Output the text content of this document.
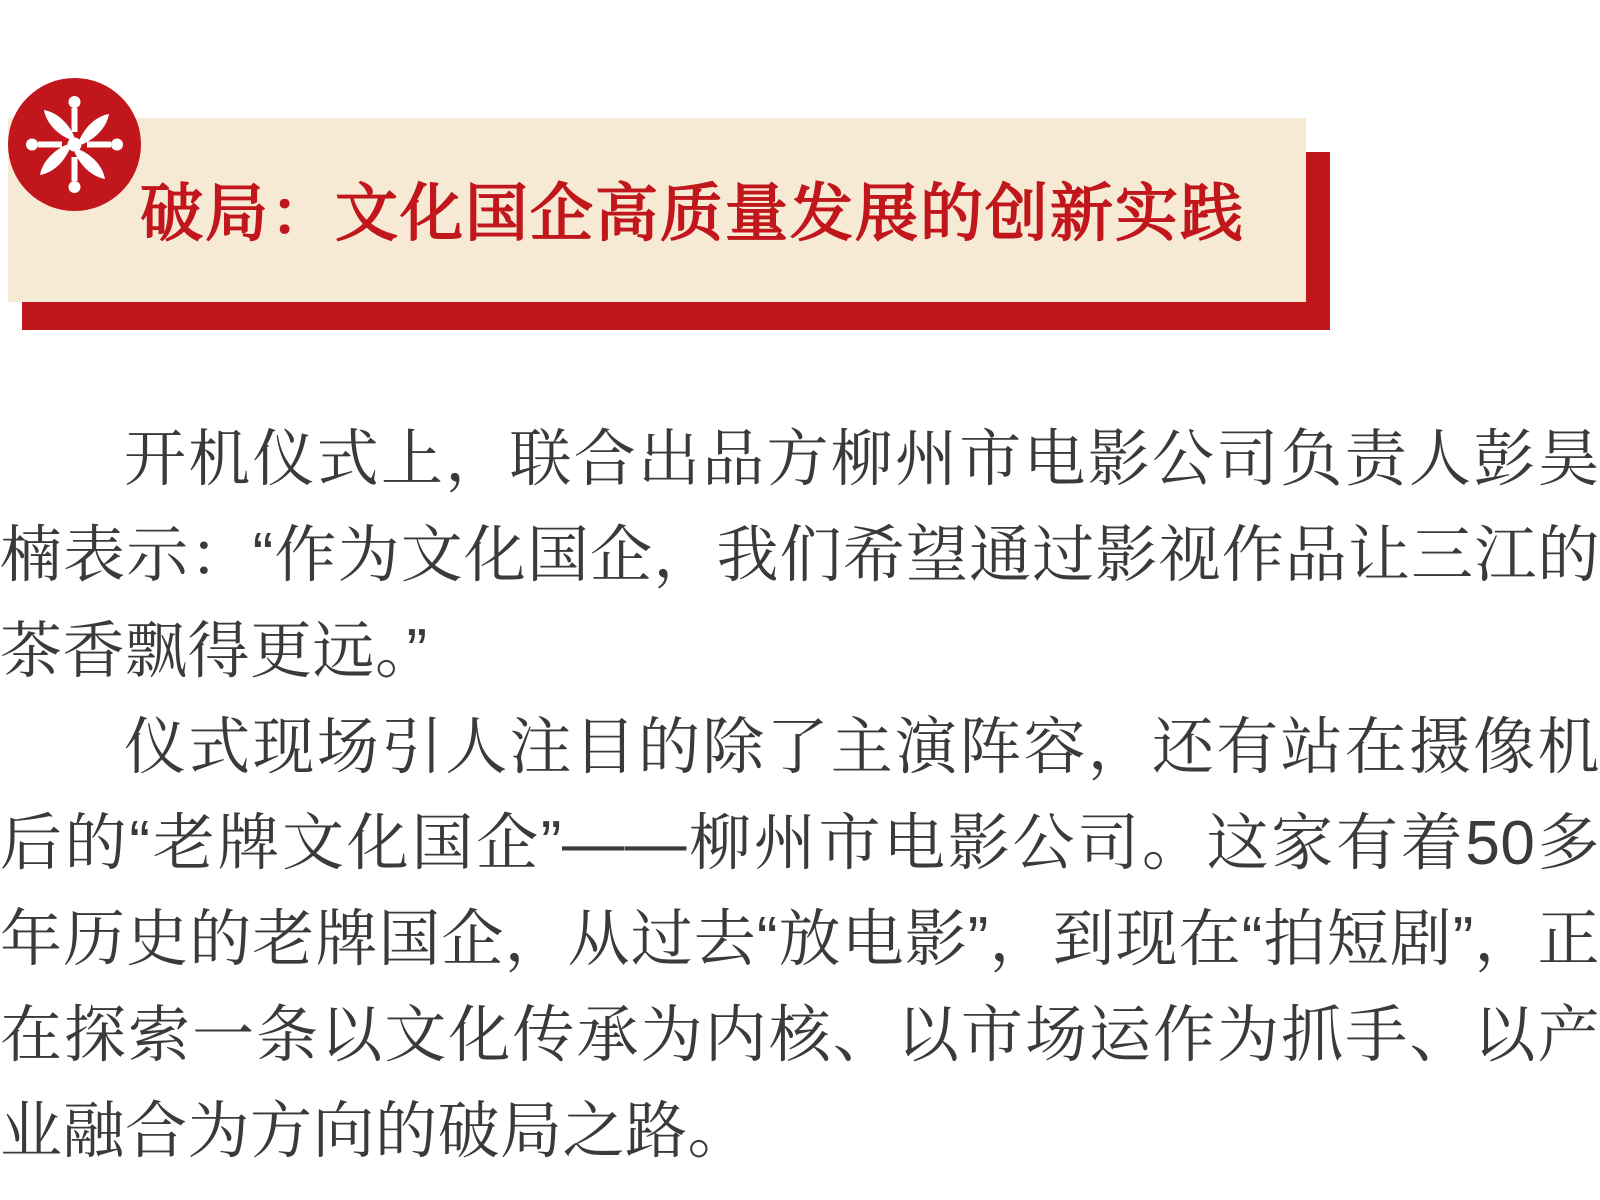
破局：文化国企高质量发展的创新实践

开机仪式上，联合出品方柳州市电影公司负责人彭昊楠表示：“作为文化国企，我们希望通过影视作品让三江的茶香飘得更远。”

仪式现场引人注目的除了主演阵容，还有站在摄像机后的“老牌文化国企”——柳州市电影公司。这家有着50多年历史的老牌国企，从过去“放电影”，到现在“拍短剧”，正在探索一条以文化传承为内核、以市场运作为抓手、以产业融合为方向的破局之路。
